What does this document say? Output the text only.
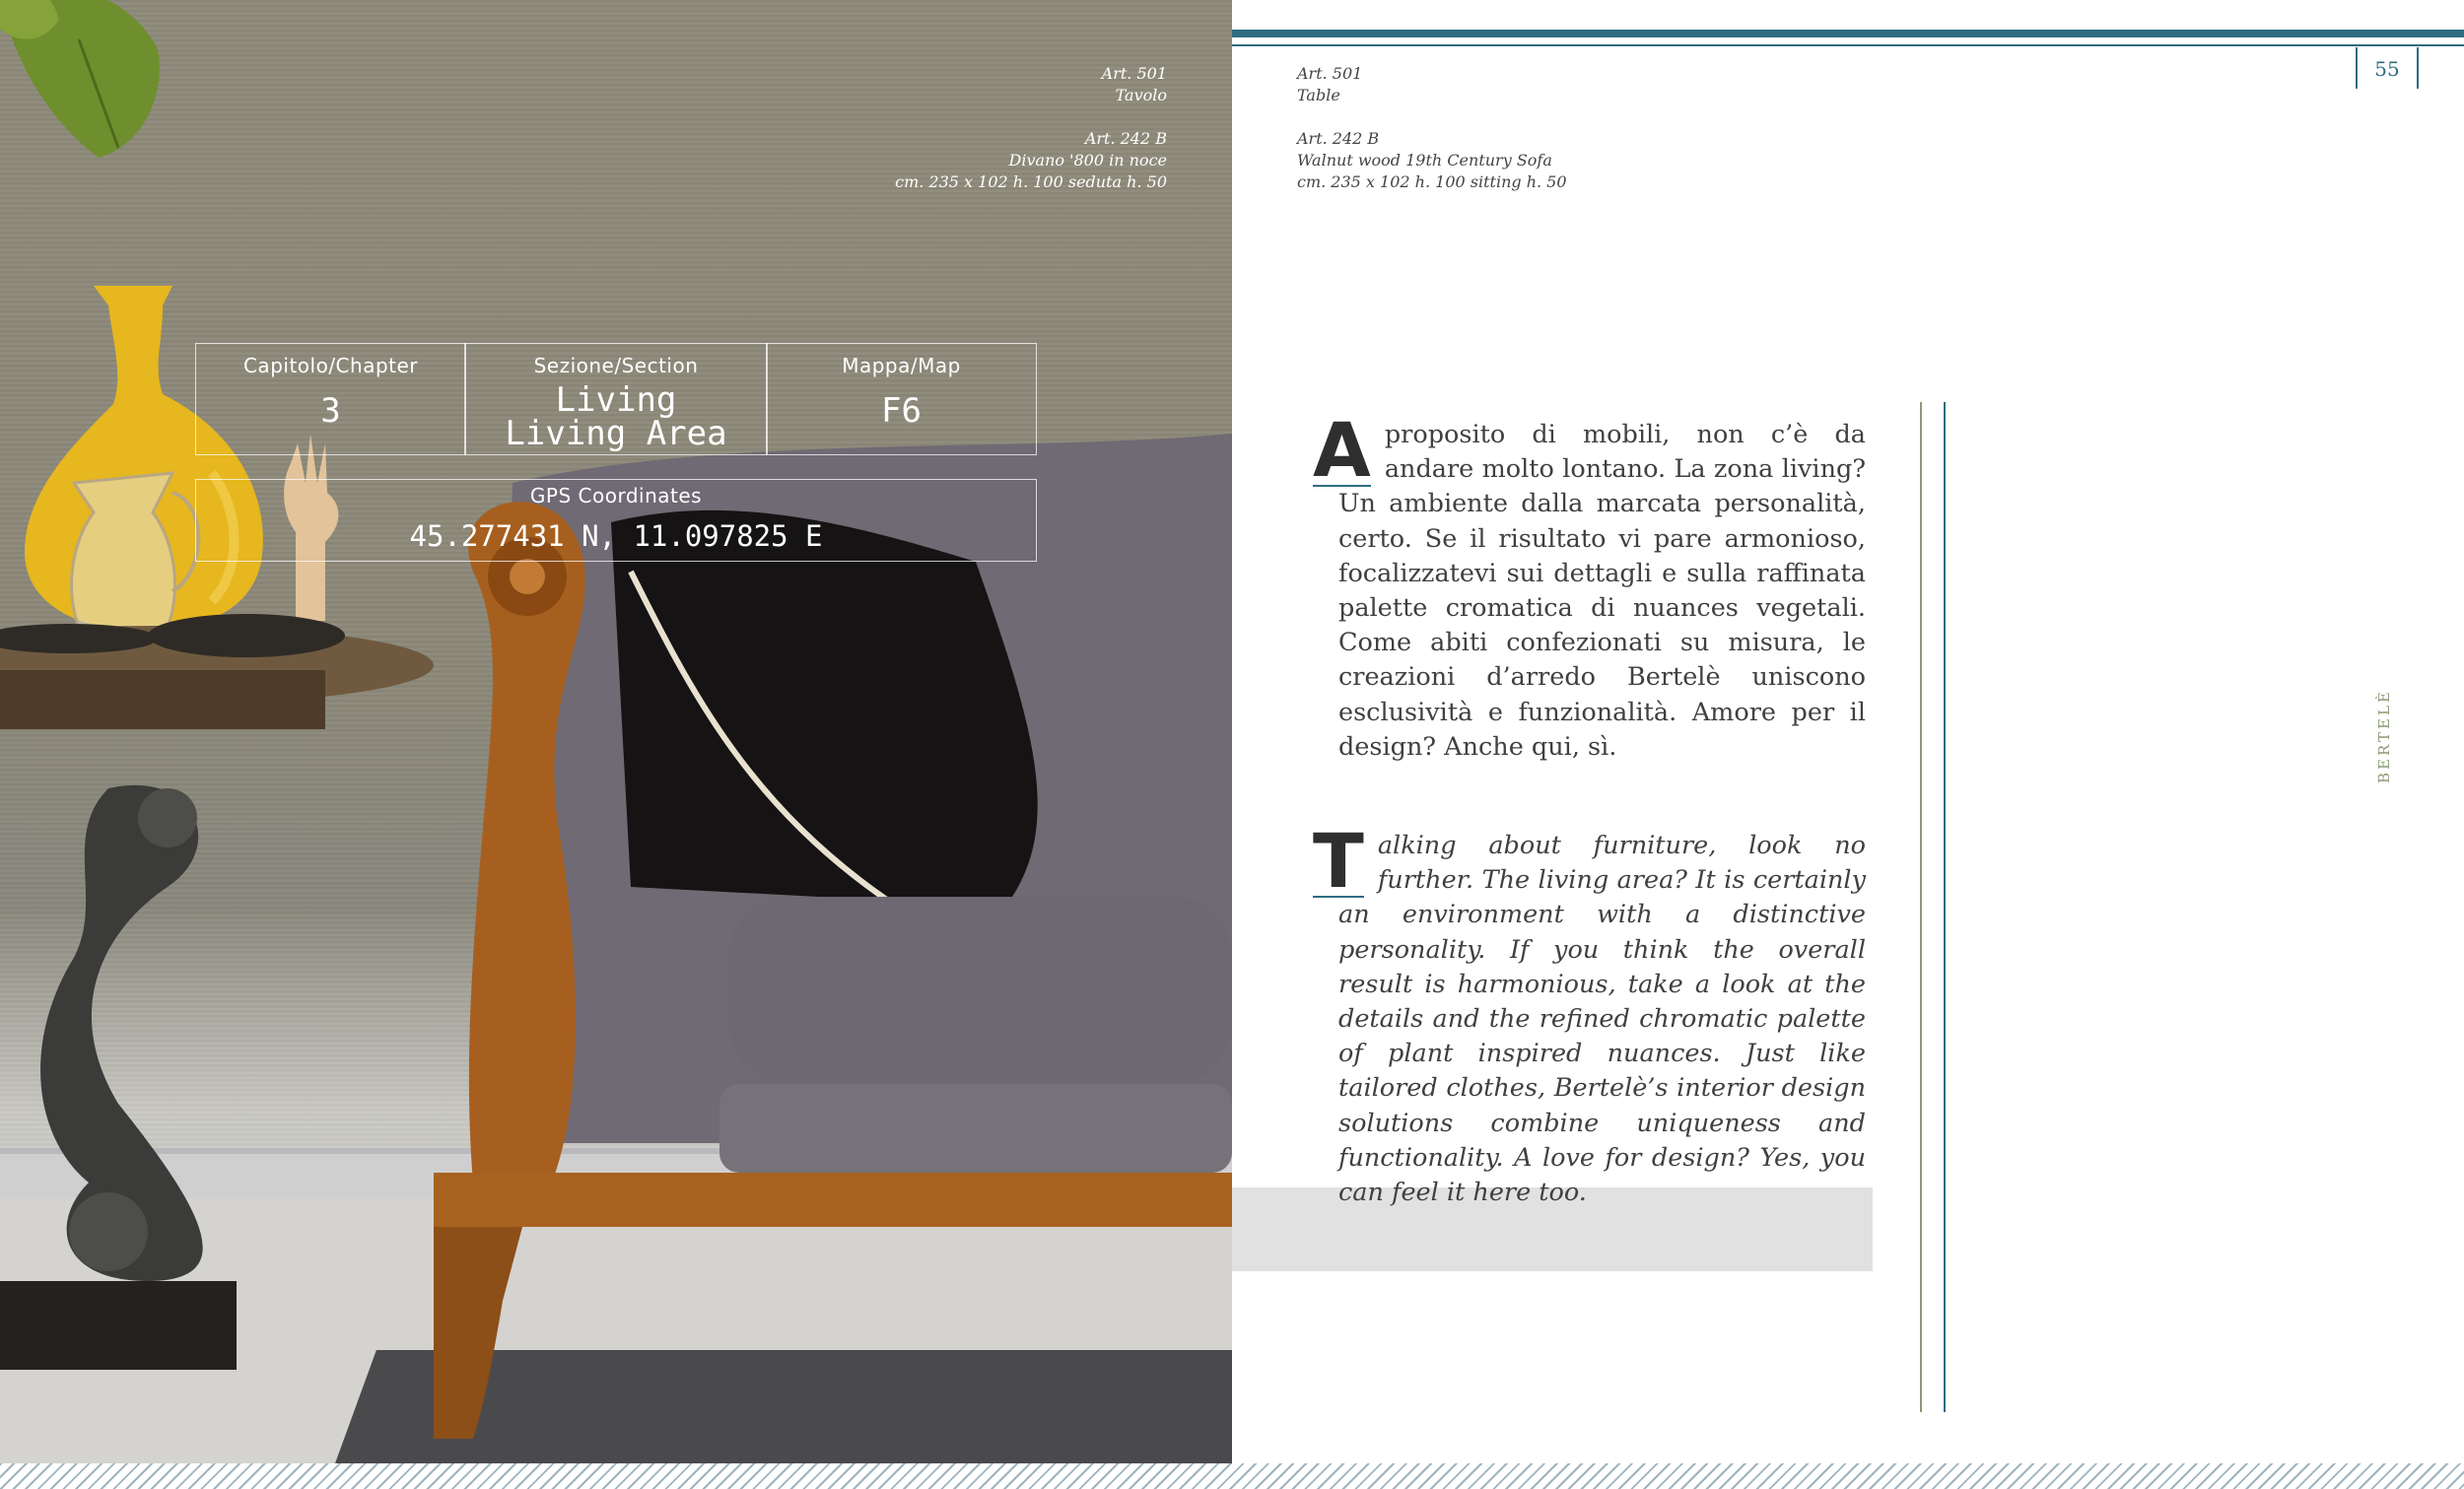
Art. 501
Tavolo
Art. 242 B
Divano '800 in noce
cm. 235 x 102 h. 100 seduta h. 50
Capitolo/Chapter
3
Sezione/Section
Living
Living Area
Mappa/Map
F6
GPS Coordinates
45.277431 N, 11.097825 E
55
Art. 501
Table
Art. 242 B
Walnut wood 19th Century Sofa
cm. 235 x 102 h. 100 sitting h. 50
A proposito di mobili, non c’è da andare molto lontano. La zona living? Un ambiente dalla marcata personalità, certo. Se il risultato vi pare armonioso, focalizzatevi sui dettagli e sulla raffinata palette cromatica di nuances vegetali. Come abiti confezionati su misura, le creazioni d’arredo Bertelè uniscono esclusività e funzionalità. Amore per il design? Anche qui, sì.
T alking about furniture, look no further. The living area? It is certainly an environment with a distinctive personality. If you think the overall result is harmonious, take a look at the details and the refined chromatic palette of plant inspired nuances. Just like tailored clothes, Bertelè’s interior design solutions combine uniqueness and functionality. A love for design? Yes, you can feel it here too.
BERTELÈ
